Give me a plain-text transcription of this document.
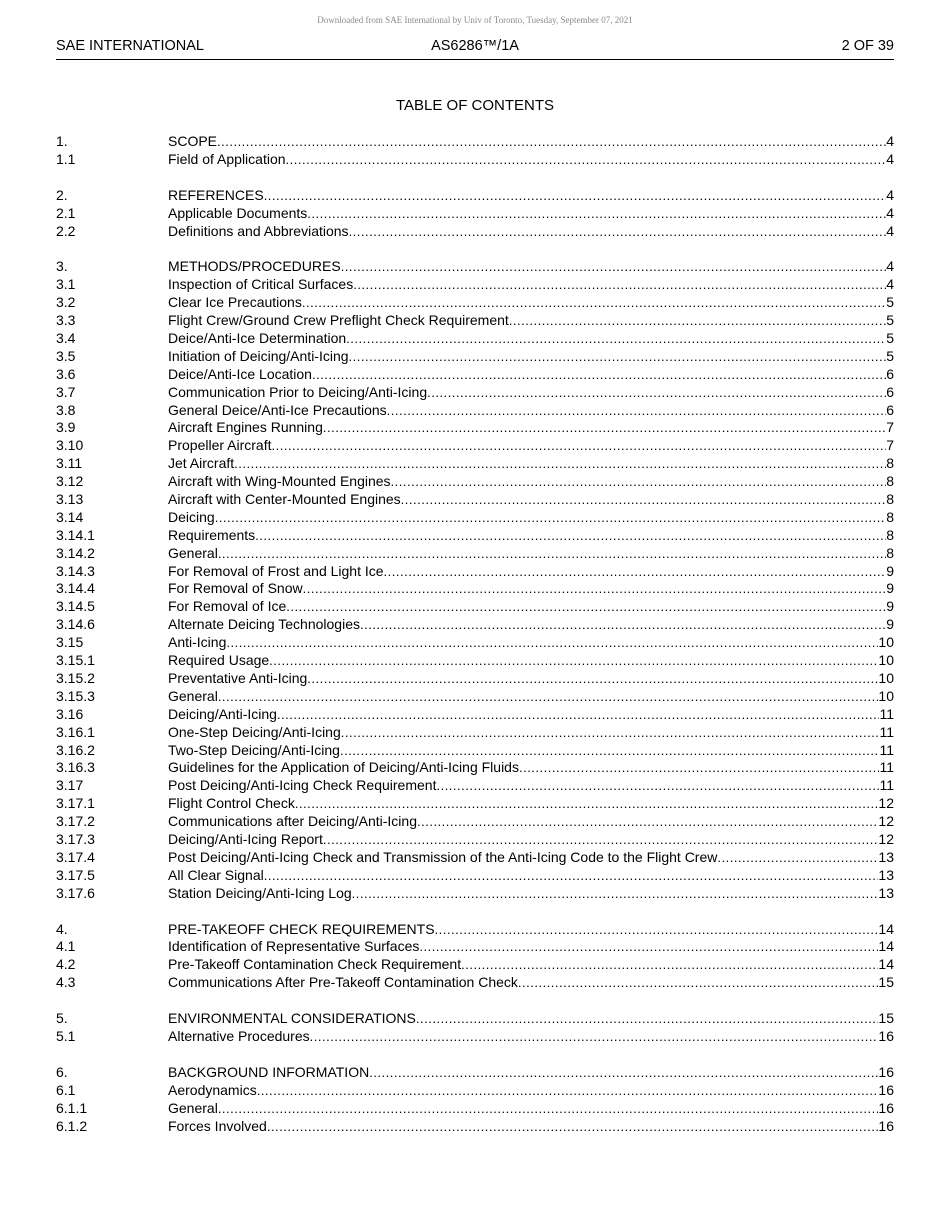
Downloaded from SAE International by Univ of Toronto, Tuesday, September 07, 2021
AS6286™/1A
SAE INTERNATIONAL	2 OF 39
TABLE OF CONTENTS
1.	SCOPE .....	4
1.1	Field of Application .....	4
2.	REFERENCES .....	4
2.1	Applicable Documents .....	4
2.2	Definitions and Abbreviations .....	4
3.	METHODS/PROCEDURES .....	4
3.1	Inspection of Critical Surfaces .....	4
3.2	Clear Ice Precautions .....	5
3.3	Flight Crew/Ground Crew Preflight Check Requirement .....	5
3.4	Deice/Anti-Ice Determination .....	5
3.5	Initiation of Deicing/Anti-Icing .....	5
3.6	Deice/Anti-Ice Location .....	6
3.7	Communication Prior to Deicing/Anti-Icing .....	6
3.8	General Deice/Anti-Ice Precautions .....	6
3.9	Aircraft Engines Running .....	7
3.10	Propeller Aircraft .....	7
3.11	Jet Aircraft .....	8
3.12	Aircraft with Wing-Mounted Engines .....	8
3.13	Aircraft with Center-Mounted Engines .....	8
3.14	Deicing .....	8
3.14.1	Requirements .....	8
3.14.2	General .....	8
3.14.3	For Removal of Frost and Light Ice .....	9
3.14.4	For Removal of Snow .....	9
3.14.5	For Removal of Ice .....	9
3.14.6	Alternate Deicing Technologies .....	9
3.15	Anti-Icing .....	10
3.15.1	Required Usage .....	10
3.15.2	Preventative Anti-Icing .....	10
3.15.3	General .....	10
3.16	Deicing/Anti-Icing .....	11
3.16.1	One-Step Deicing/Anti-Icing .....	11
3.16.2	Two-Step Deicing/Anti-Icing .....	11
3.16.3	Guidelines for the Application of Deicing/Anti-Icing Fluids .....	11
3.17	Post Deicing/Anti-Icing Check Requirement .....	11
3.17.1	Flight Control Check .....	12
3.17.2	Communications after Deicing/Anti-Icing .....	12
3.17.3	Deicing/Anti-Icing Report .....	12
3.17.4	Post Deicing/Anti-Icing Check and Transmission of the Anti-Icing Code to the Flight Crew .....	13
3.17.5	All Clear Signal .....	13
3.17.6	Station Deicing/Anti-Icing Log .....	13
4.	PRE-TAKEOFF CHECK REQUIREMENTS .....	14
4.1	Identification of Representative Surfaces .....	14
4.2	Pre-Takeoff Contamination Check Requirement .....	14
4.3	Communications After Pre-Takeoff Contamination Check .....	15
5.	ENVIRONMENTAL CONSIDERATIONS .....	15
5.1	Alternative Procedures .....	16
6.	BACKGROUND INFORMATION .....	16
6.1	Aerodynamics .....	16
6.1.1	General .....	16
6.1.2	Forces Involved .....	16
